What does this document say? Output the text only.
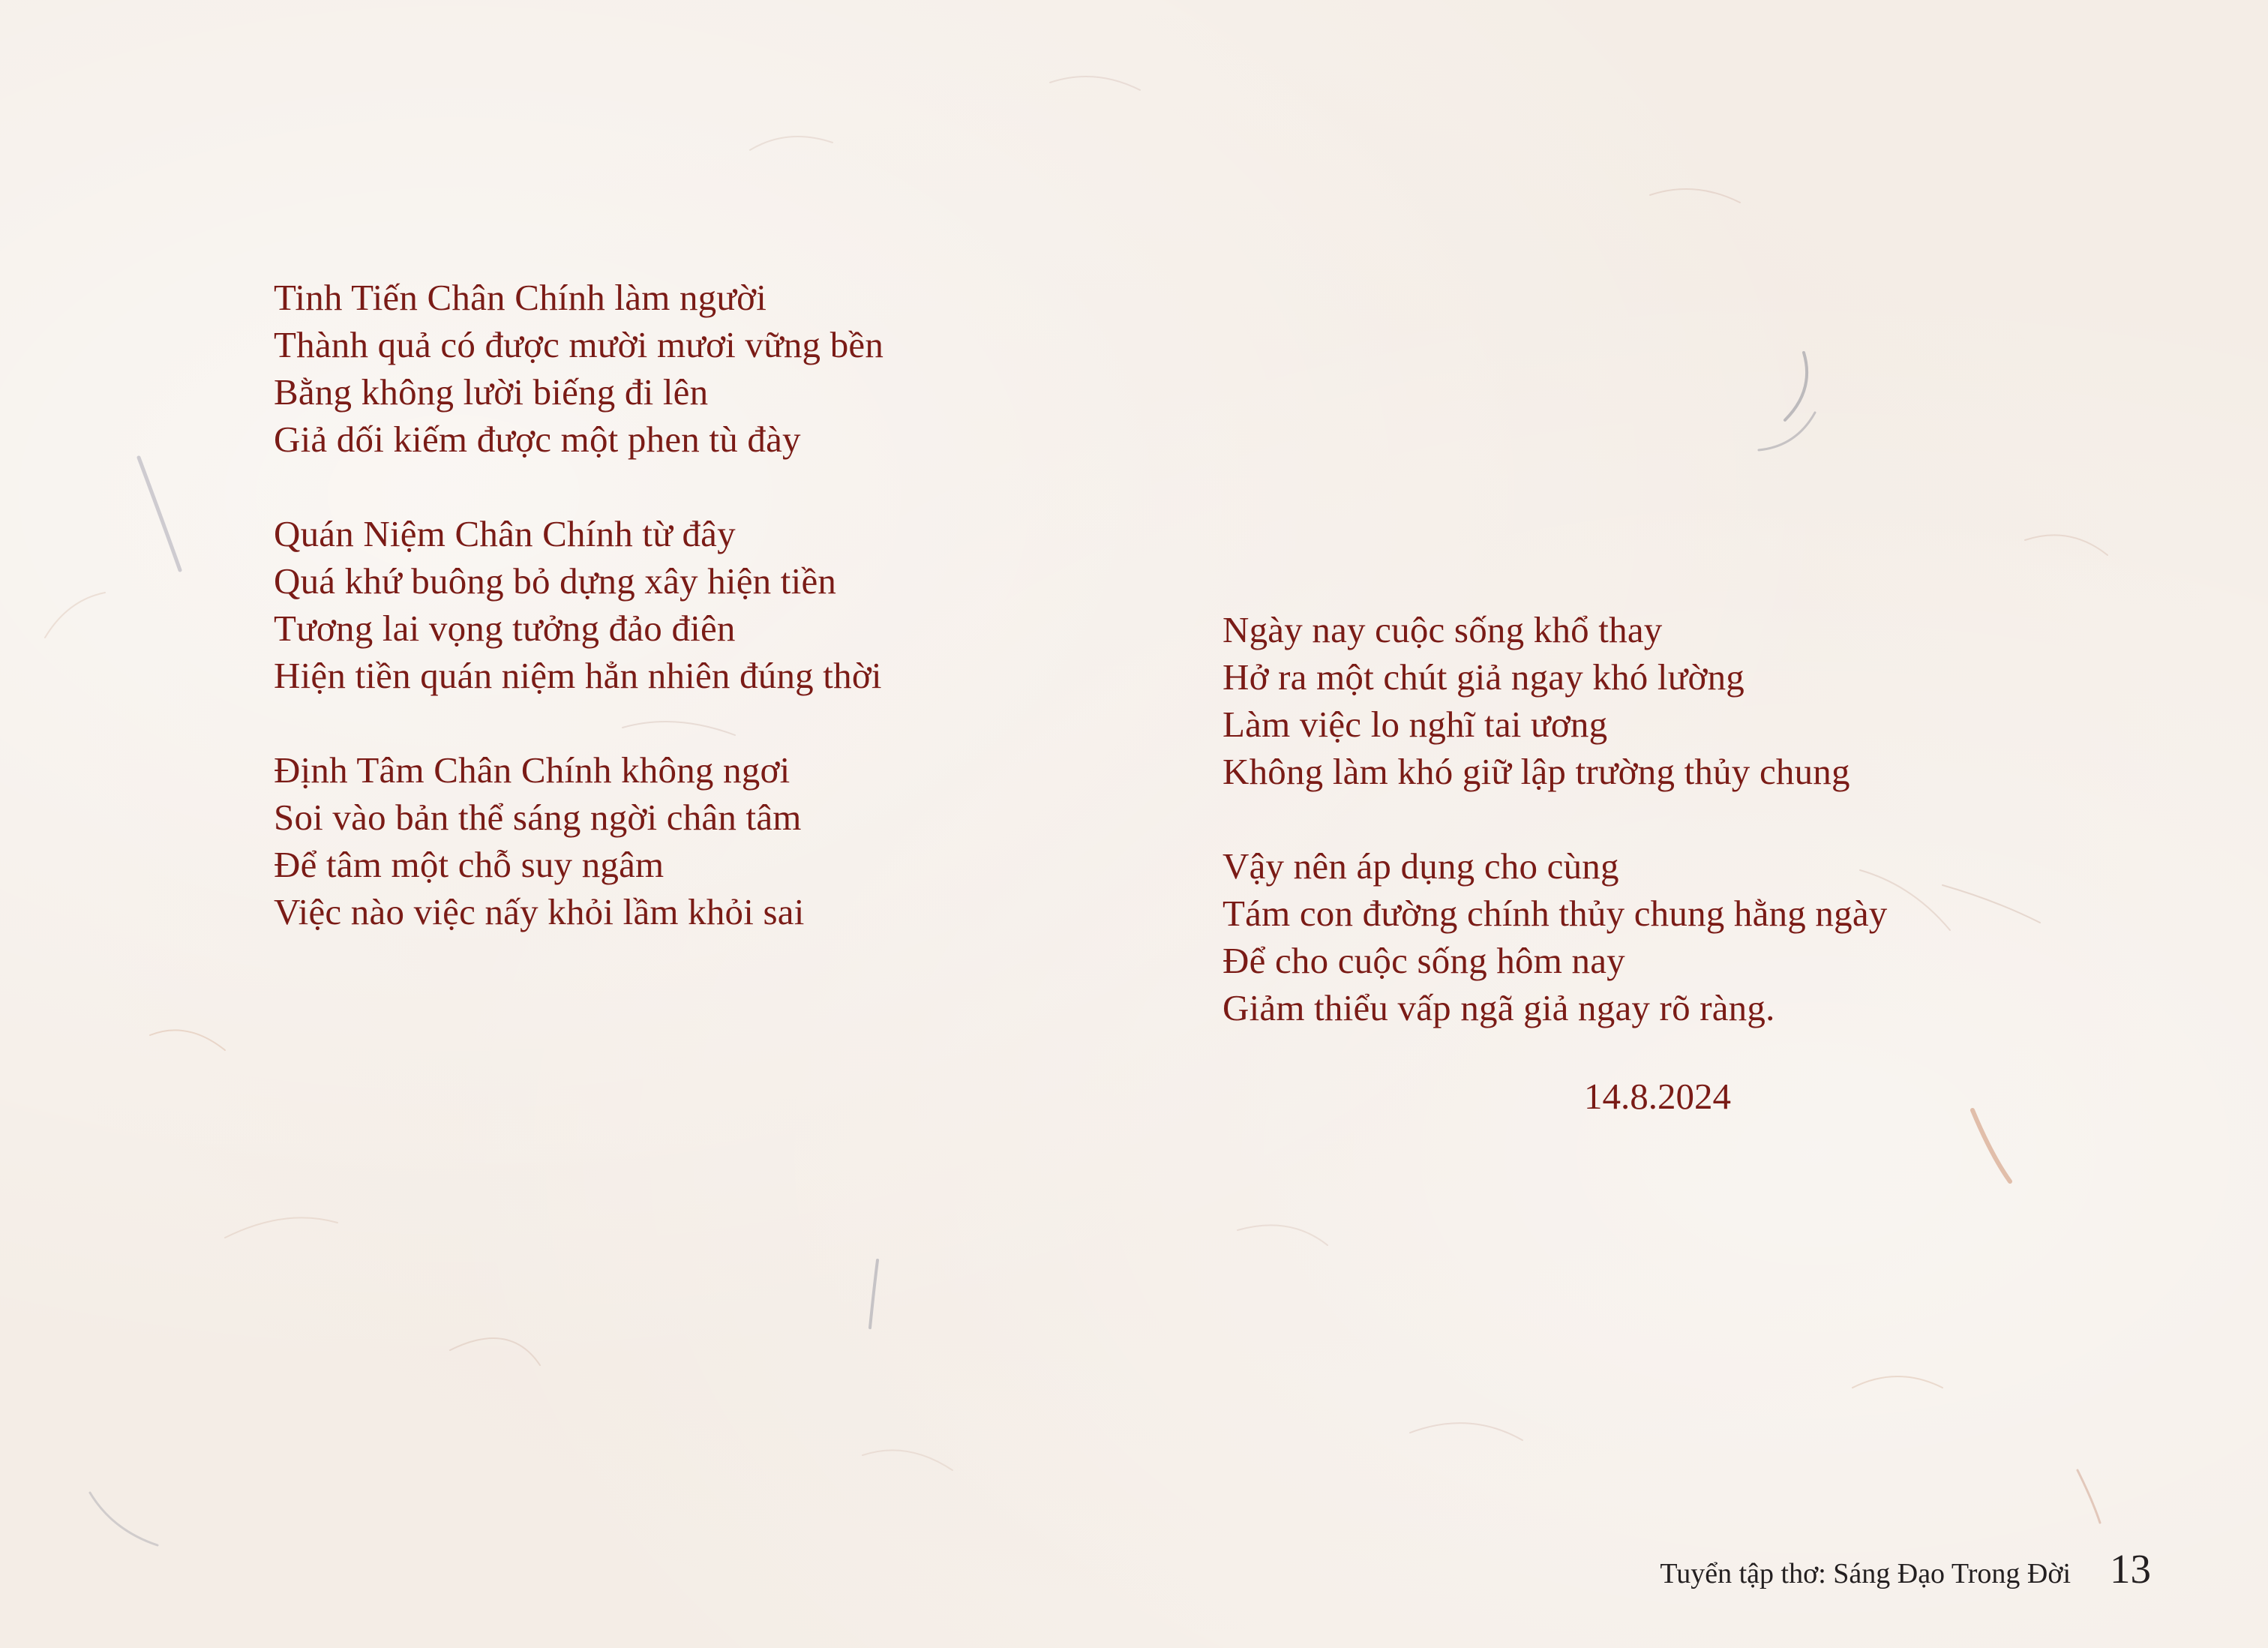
Tinh Tiến Chân Chính làm người
Thành quả có được mười mươi vững bền
Bằng không lười biếng đi lên
Giả dối kiếm được một phen tù đày
Quán Niệm Chân Chính từ đây
Quá khứ buông bỏ dựng xây hiện tiền
Tương lai vọng tưởng đảo điên
Hiện tiền quán niệm hẳn nhiên đúng thời
Định Tâm Chân Chính không ngơi
Soi vào bản thể sáng ngời chân tâm
Để tâm một chỗ suy ngâm
Việc nào việc nấy khỏi lầm khỏi sai
Ngày nay cuộc sống khổ thay
Hở ra một chút giả ngay khó lường
Làm việc lo nghĩ tai ương
Không làm khó giữ lập trường thủy chung
Vậy nên áp dụng cho cùng
Tám con đường chính thủy chung hằng ngày
Để cho cuộc sống hôm nay
Giảm thiểu vấp ngã giả ngay rõ ràng.
14.8.2024
Tuyển tập thơ: Sáng Đạo Trong Đời 13
